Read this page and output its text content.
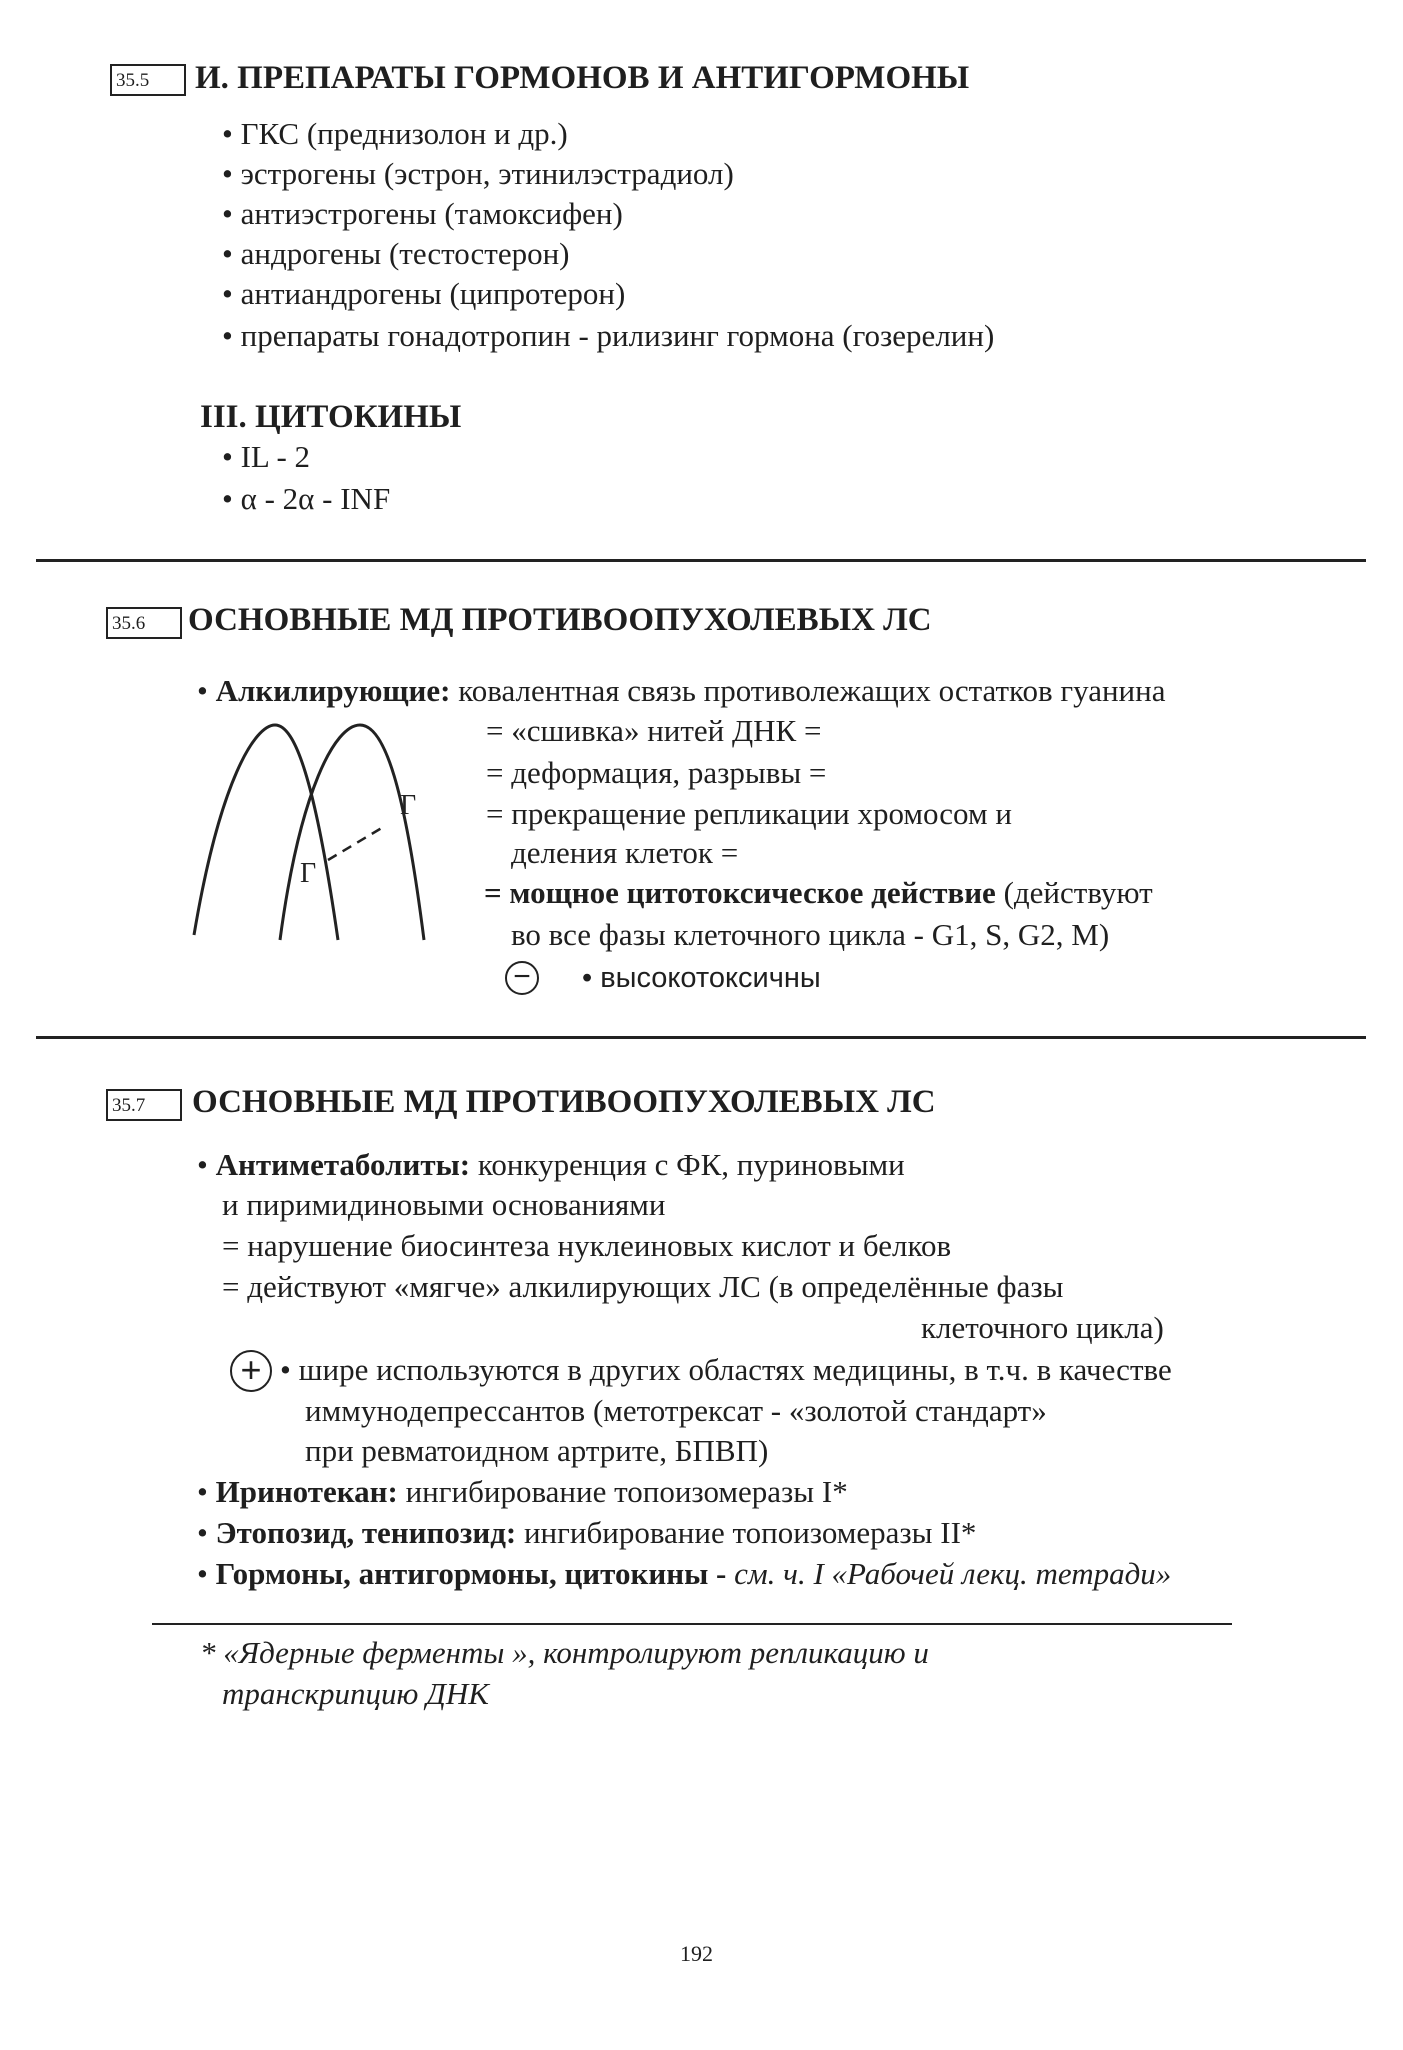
35.5	И. ПРЕПАРАТЫ ГОРМОНОВ И АНТИГОРМОНЫ
• ГКС (преднизолон и др.)
• эстрогены (эстрон, этинилэстрадиол)
• антиэстрогены (тамоксифен)
• андрогены (тестостерон)
• антиандрогены (ципротерон)
• препараты гонадотропин - рилизинг гормона (гозерелин)
III. ЦИТОКИНЫ
• IL - 2
• α - 2α - INF
35.6	ОСНОВНЫЕ МД ПРОТИВООПУХОЛЕВЫХ ЛС
• Алкилирующие: ковалентная связь противолежащих остатков гуанина
= «сшивка» нитей ДНК =
= деформация, разрывы =
= прекращение репликации хромосом и
деления клеток =
= мощное цитотоксическое действие (действуют
во все фазы клеточного цикла - G1, S, G2, M)
− • высокотоксичны
Г
Г
35.7	ОСНОВНЫЕ МД ПРОТИВООПУХОЛЕВЫХ ЛС
• Антиметаболиты: конкуренция с ФК, пуриновыми
и пиримидиновыми основаниями
= нарушение биосинтеза нуклеиновых кислот и белков
= действуют «мягче» алкилирующих ЛС (в определённые фазы
клеточного цикла)
+ • шире используются в других областях медицины, в т.ч. в качестве
иммунодепрессантов (метотрексат - «золотой стандарт»
при ревматоидном артрите, БПВП)
• Иринотекан: ингибирование топоизомеразы I*
• Этопозид, тенипозид: ингибирование топоизомеразы II*
• Гормоны, антигормоны, цитокины - см. ч. I «Рабочей лекц. тетради»
* «Ядерные ферменты », контролируют репликацию и
транскрипцию ДНК
192
